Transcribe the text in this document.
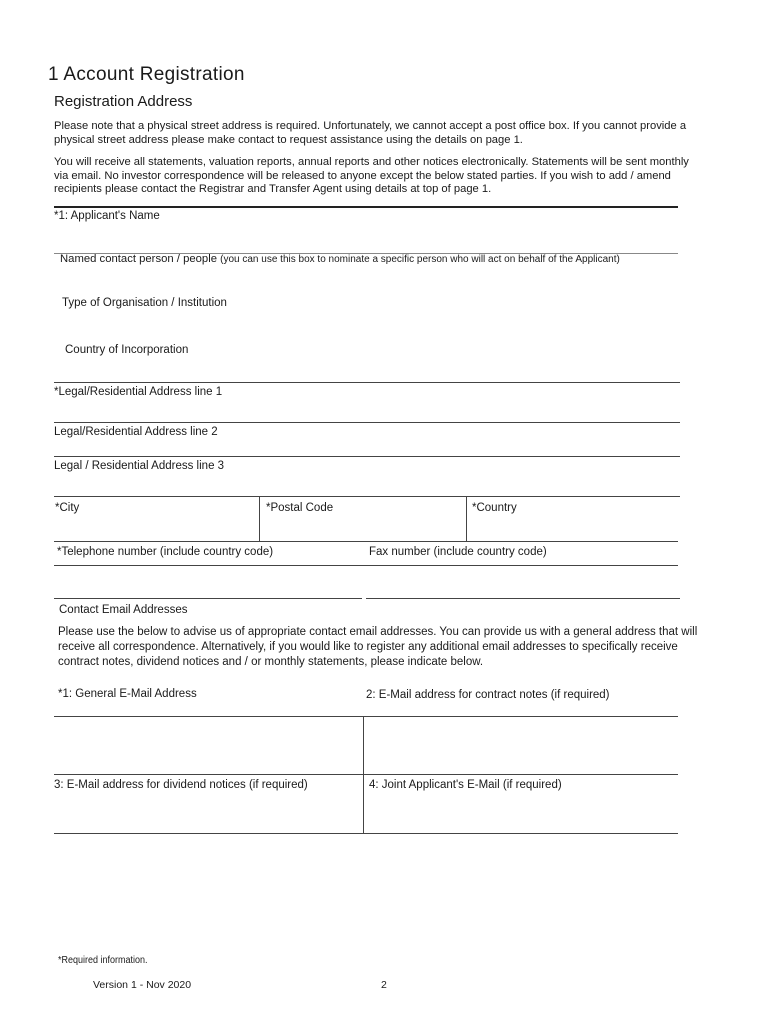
1 Account Registration
Registration Address
Please note that a physical street address is required. Unfortunately, we cannot accept a post office box. If you cannot provide a physical street address please make contact to request assistance using the details on page 1.
You will receive all statements, valuation reports, annual reports and other notices electronically. Statements will be sent monthly via email. No investor correspondence will be released to anyone except the below stated parties. If you wish to add / amend recipients please contact the Registrar and Transfer Agent using details at top of page 1.
*1: Applicant's Name
Named contact person / people (you can use this box to nominate a specific person who will act on behalf of the Applicant)
Type of Organisation / Institution
Country of Incorporation
*Legal/Residential Address line 1
Legal/Residential Address line 2
Legal / Residential Address line 3
*City	*Postal Code	*Country
*Telephone number (include country code)	Fax number (include country code)
Contact Email Addresses
Please use the below to advise us of appropriate contact email addresses. You can provide us with a general address that will receive all correspondence. Alternatively, if you would like to register any additional email addresses to specifically receive contract notes, dividend notices and / or monthly statements, please indicate below.
*1: General E-Mail Address	2: E-Mail address for contract notes (if required)
3: E-Mail address for dividend notices (if required)	4: Joint Applicant's E-Mail (if required)
*Required information.
Version 1 - Nov 2020	2
